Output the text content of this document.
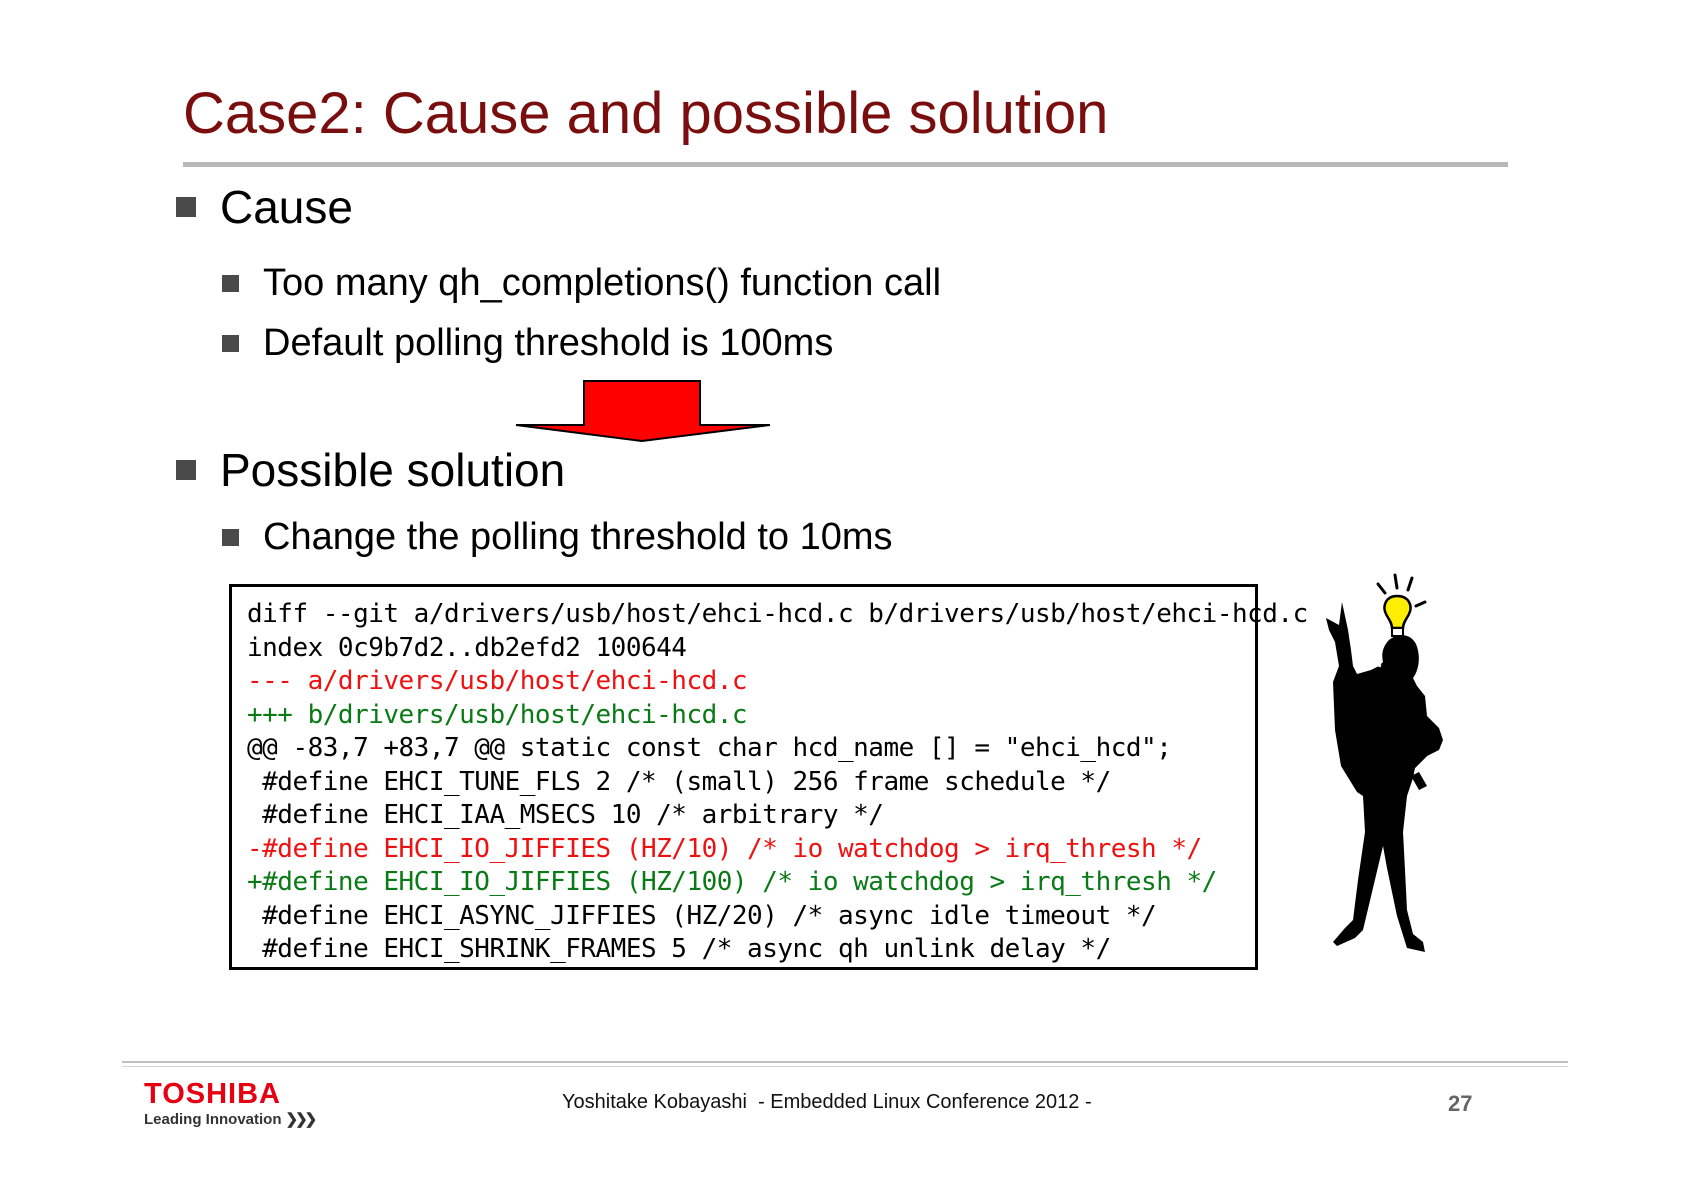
Case2: Cause and possible solution
Cause
Too many qh_completions() function call
Default polling threshold is 100ms
Possible solution
Change the polling threshold to 10ms
diff --git a/drivers/usb/host/ehci-hcd.c b/drivers/usb/host/ehci-hcd.c
index 0c9b7d2..db2efd2 100644
--- a/drivers/usb/host/ehci-hcd.c
+++ b/drivers/usb/host/ehci-hcd.c
@@ -83,7 +83,7 @@ static const char hcd_name [] = "ehci_hcd";
#define EHCI_TUNE_FLS 2 /* (small) 256 frame schedule */
#define EHCI_IAA_MSECS 10 /* arbitrary */
-#define EHCI_IO_JIFFIES (HZ/10) /* io watchdog > irq_thresh */
+#define EHCI_IO_JIFFIES (HZ/100) /* io watchdog > irq_thresh */
#define EHCI_ASYNC_JIFFIES (HZ/20) /* async idle timeout */
#define EHCI_SHRINK_FRAMES 5 /* async qh unlink delay */
TOSHIBA
Leading Innovation ❯❯❯
Yoshitake Kobayashi  - Embedded Linux Conference 2012 -	27
